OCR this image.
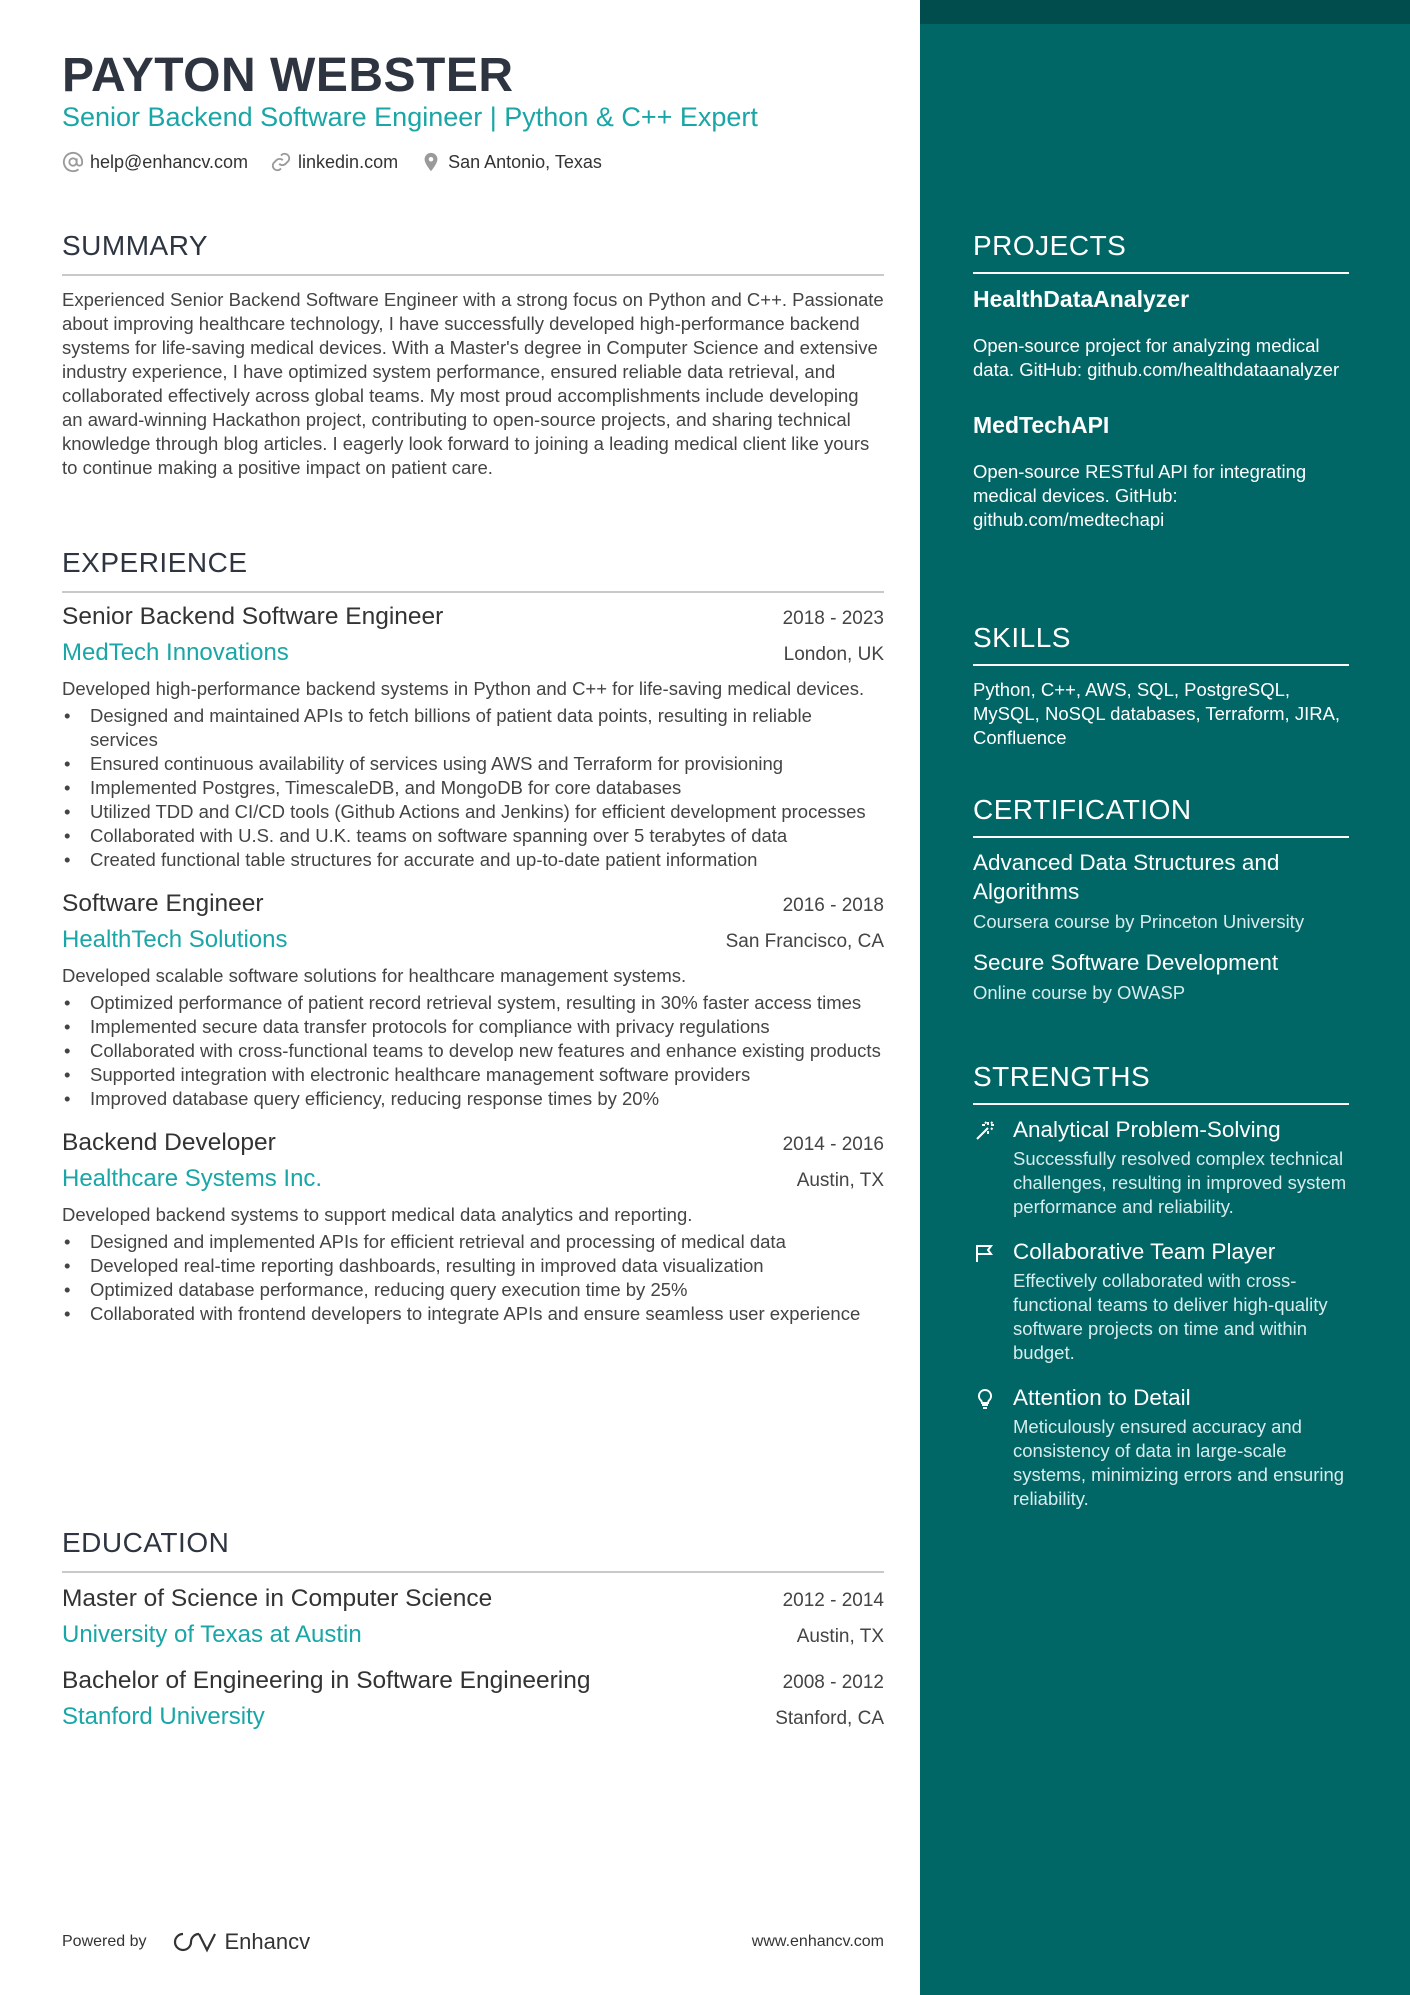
PAYTON WEBSTER
Senior Backend Software Engineer | Python & C++ Expert
help@enhancv.com	linkedin.com	San Antonio, Texas
SUMMARY

Experienced Senior Backend Software Engineer with a strong focus on Python and C++. Passionate about improving healthcare technology, I have successfully developed high-performance backend systems for life-saving medical devices. With a Master's degree in Computer Science and extensive industry experience, I have optimized system performance, ensured reliable data retrieval, and collaborated effectively across global teams. My most proud accomplishments include developing an award-winning Hackathon project, contributing to open-source projects, and sharing technical knowledge through blog articles. I eagerly look forward to joining a leading medical client like yours to continue making a positive impact on patient care.

EXPERIENCE
Senior Backend Software Engineer	2018 - 2023
MedTech Innovations	London, UK

Developed high-performance backend systems in Python and C++ for life-saving medical devices.

• Designed and maintained APIs to fetch billions of patient data points, resulting in reliable services
• Ensured continuous availability of services using AWS and Terraform for provisioning
• Implemented Postgres, TimescaleDB, and MongoDB for core databases
• Utilized TDD and CI/CD tools (Github Actions and Jenkins) for efficient development processes
• Collaborated with U.S. and U.K. teams on software spanning over 5 terabytes of data
• Created functional table structures for accurate and up-to-date patient information
Software Engineer	2016 - 2018
HealthTech Solutions	San Francisco, CA

Developed scalable software solutions for healthcare management systems.

• Optimized performance of patient record retrieval system, resulting in 30% faster access times
• Implemented secure data transfer protocols for compliance with privacy regulations
• Collaborated with cross-functional teams to develop new features and enhance existing products
• Supported integration with electronic healthcare management software providers
• Improved database query efficiency, reducing response times by 20%
Backend Developer	2014 - 2016
Healthcare Systems Inc.	Austin, TX

Developed backend systems to support medical data analytics and reporting.

• Designed and implemented APIs for efficient retrieval and processing of medical data
• Developed real-time reporting dashboards, resulting in improved data visualization
• Optimized database performance, reducing query execution time by 25%
• Collaborated with frontend developers to integrate APIs and ensure seamless user experience
EDUCATION
Master of Science in Computer Science	2012 - 2014
University of Texas at Austin	Austin, TX
Bachelor of Engineering in Software Engineering	2008 - 2012
Stanford University	Stanford, CA
Powered by	Enhancv	www.enhancv.com
PROJECTS

HealthDataAnalyzer

Open-source project for analyzing medical data. GitHub: github.com/healthdataanalyzer

MedTechAPI

Open-source RESTful API for integrating medical devices. GitHub: github.com/medtechapi

SKILLS

Python, C++, AWS, SQL, PostgreSQL, MySQL, NoSQL databases, Terraform, JIRA, Confluence

CERTIFICATION

Advanced Data Structures and Algorithms

Coursera course by Princeton University

Secure Software Development

Online course by OWASP

STRENGTHS

Analytical Problem-Solving

Successfully resolved complex technical challenges, resulting in improved system performance and reliability.

Collaborative Team Player

Effectively collaborated with cross-functional teams to deliver high-quality software projects on time and within budget.

Attention to Detail

Meticulously ensured accuracy and consistency of data in large-scale systems, minimizing errors and ensuring reliability.
